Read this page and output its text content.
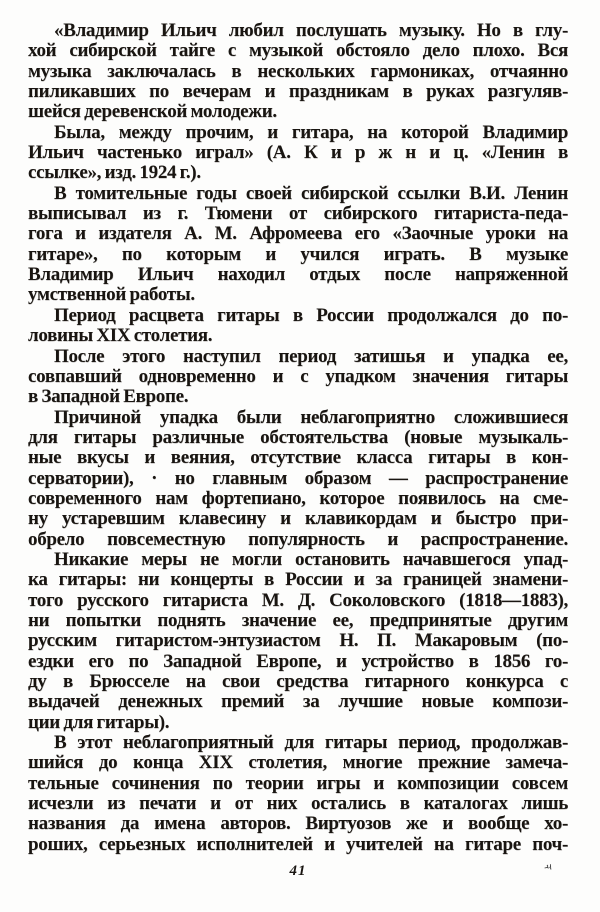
«Владимир Ильич любил послушать музыку. Но в глу-
хой сибирской тайге с музыкой обстояло дело плохо. Вся
музыка заключалась в нескольких гармониках, отчаянно
пиликавших по вечерам и праздникам в руках разгуляв-
шейся деревенской молодежи.
Была, между прочим, и гитара, на которой Владимир
Ильич частенько играл» (А. К и р ж н и ц. «Ленин в
ссылке», изд. 1924 г.).
В томительные годы своей сибирской ссылки В.И. Ленин
выписывал из г. Тюмени от сибирского гитариста-педа-
гога и издателя А. М. Афромеева его «Заочные уроки на
гитаре», по которым и учился играть. В музыке
Владимир Ильич находил отдых после напряженной
умственной работы.
Период расцвета гитары в России продолжался до по-
ловины XIX столетия.
После этого наступил период затишья и упадка ее,
совпавший одновременно и с упадком значения гитары
в Западной Европе.
Причиной упадка были неблагоприятно сложившиеся
для гитары различные обстоятельства (новые музыкаль-
ные вкусы и веяния, отсутствие класса гитары в кон-
серватории), · но главным образом — распространение
современного нам фортепиано, которое появилось на сме-
ну устаревшим клавесину и клавикордам и быстро при-
обрело повсеместную популярность и распространение.
Никакие меры не могли остановить начавшегося упад-
ка гитары: ни концерты в России и за границей знамени-
того русского гитариста М. Д. Соколовского (1818—1883),
ни попытки поднять значение ее, предпринятые другим
русским гитаристом-энтузиастом Н. П. Макаровым (по-
ездки его по Западной Европе, и устройство в 1856 го-
ду в Брюсселе на свои средства гитарного конкурса с
выдачей денежных премий за лучшие новые компози-
ции для гитары).
В этот неблагоприятный для гитары период, продолжав-
шийся до конца XIX столетия, многие прежние замеча-
тельные сочинения по теории игры и композиции совсем
исчезли из печати и от них остались в каталогах лишь
названия да имена авторов. Виртуозов же и вообще хо-
роших, серьезных исполнителей и учителей на гитаре поч-
41	-ч
